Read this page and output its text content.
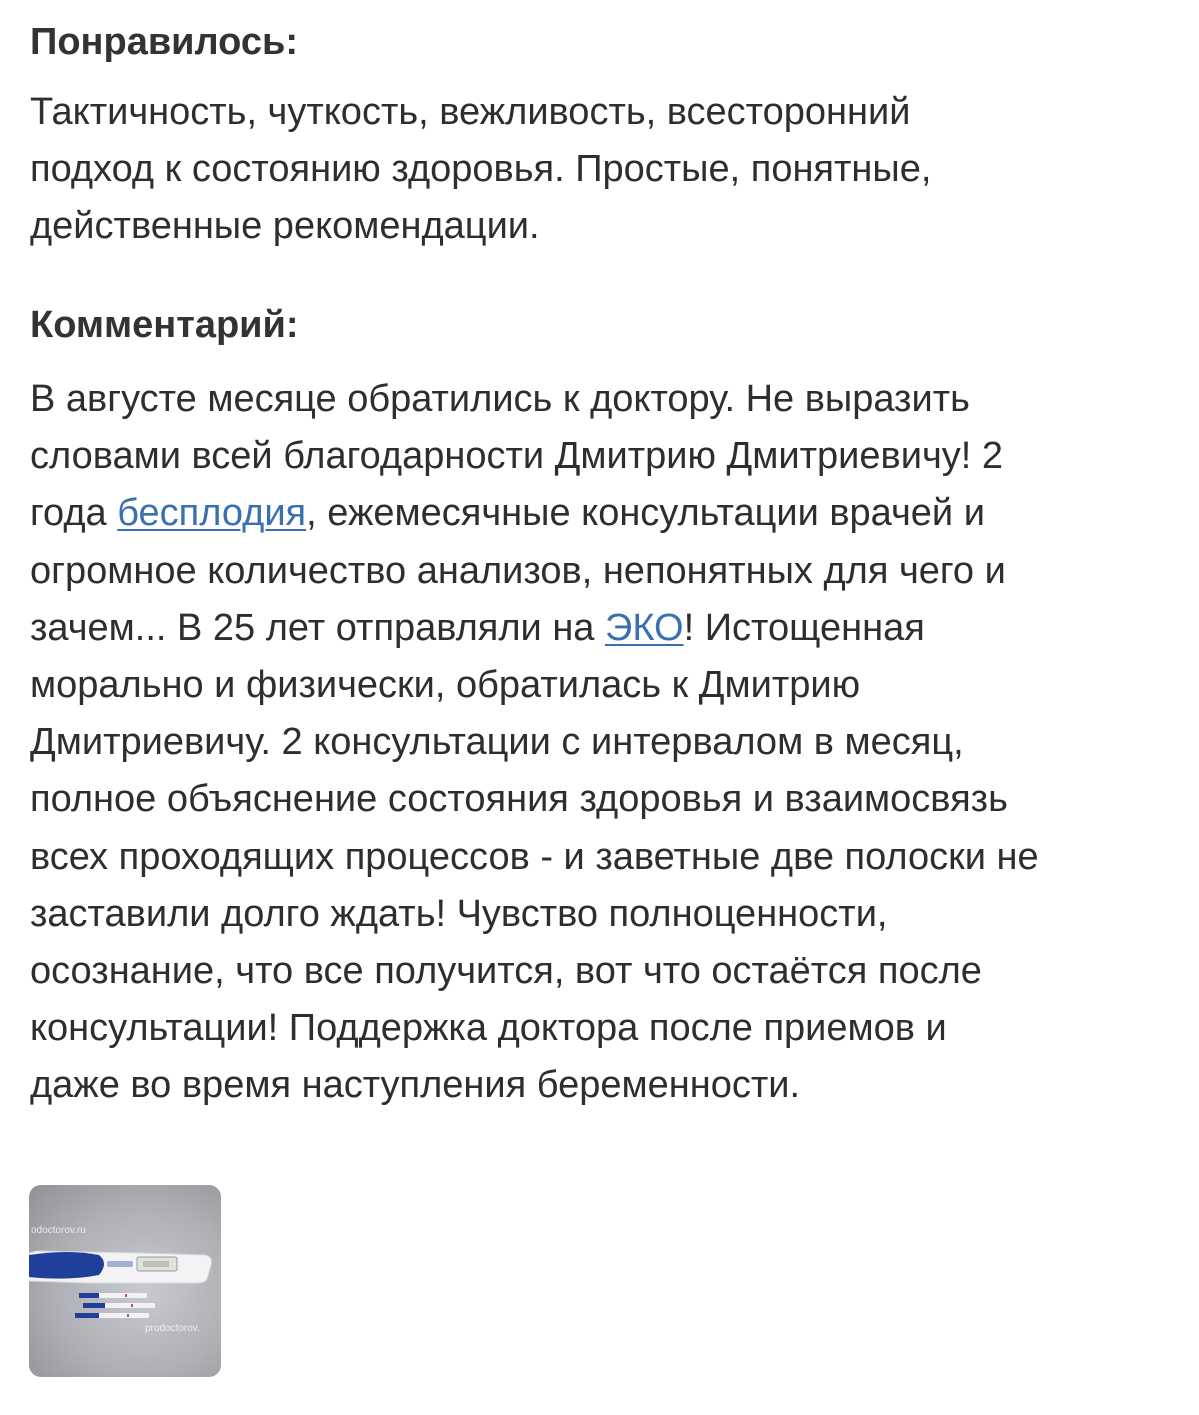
Понравилось:

Тактичность, чуткость, вежливость, всесторонний
подход к состоянию здоровья. Простые, понятные,
действенные рекомендации.

Комментарий:

В августе месяце обратились к доктору. Не выразить
словами всей благодарности Дмитрию Дмитриевичу! 2
года бесплодия, ежемесячные консультации врачей и
огромное количество анализов, непонятных для чего и
зачем... В 25 лет отправляли на ЭКО! Истощенная
морально и физически, обратилась к Дмитрию
Дмитриевичу. 2 консультации с интервалом в месяц,
полное объяснение состояния здоровья и взаимосвязь
всех проходящих процессов - и заветные две полоски не
заставили долго ждать! Чувство полноценности,
осознание, что все получится, вот что остаётся после
консультации! Поддержка доктора после приемов и
даже во время наступления беременности.

odoctorov.ru
prodoctorov.
